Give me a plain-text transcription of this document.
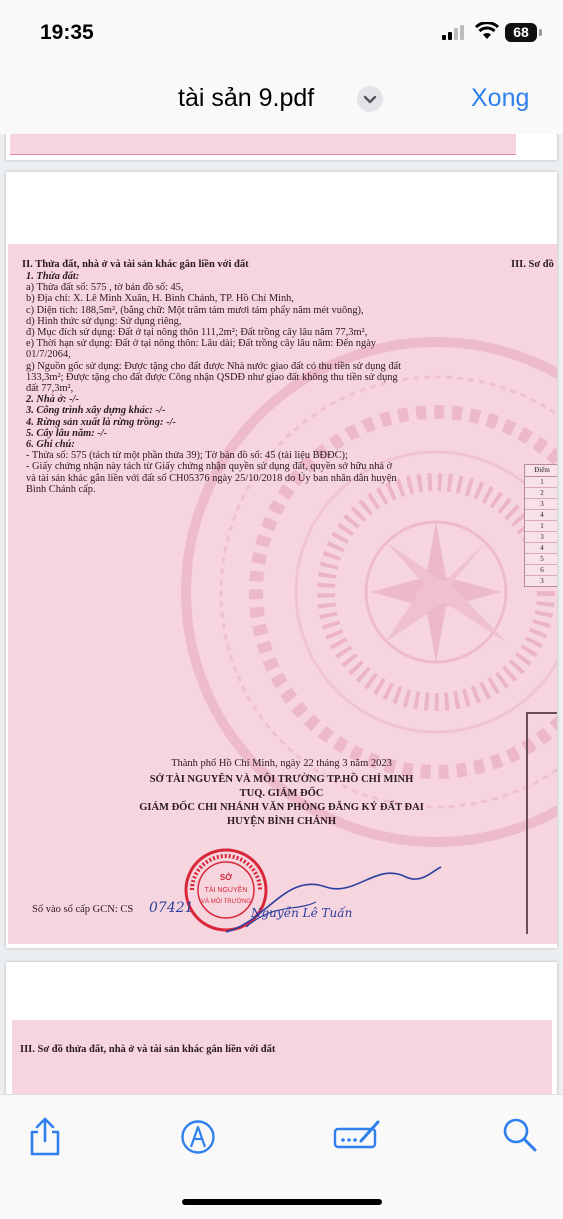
19:35	68
tài sản 9.pdf	Xong
II. Thửa đất, nhà ở và tài sản khác gắn liền với đất	III. Sơ đồ
1. Thửa đất:
a) Thửa đất số: 575 , tờ bản đồ số: 45,
b) Địa chỉ: X. Lê Minh Xuân, H. Bình Chánh, TP. Hồ Chí Minh,
c) Diện tích: 188,5m², (bằng chữ: Một trăm tám mươi tám phẩy năm mét vuông),
d) Hình thức sử dụng: Sử dụng riêng,
đ) Mục đích sử dụng: Đất ở tại nông thôn 111,2m²; Đất trồng cây lâu năm 77,3m²,
e) Thời hạn sử dụng: Đất ở tại nông thôn: Lâu dài; Đất trồng cây lâu năm: Đến ngày
01/7/2064,
g) Nguồn gốc sử dụng: Được tặng cho đất được Nhà nước giao đất có thu tiền sử dụng đất
133,3m²; Được tặng cho đất được Công nhận QSDĐ như giao đất không thu tiền sử dụng
đất 77,3m²,
2. Nhà ở: -/-
3. Công trình xây dựng khác: -/-
4. Rừng sản xuất là rừng trồng: -/-
5. Cây lâu năm: -/-
6. Ghi chú:
- Thửa số: 575 (tách từ một phần thửa 39); Tờ bản đồ số: 45 (tài liệu BĐĐC);
- Giấy chứng nhận này tách từ Giấy chứng nhận quyền sử dụng đất, quyền sở hữu nhà ở
và tài sản khác gắn liền với đất số CH05376 ngày 25/10/2018 do Ủy ban nhân dân huyện
Bình Chánh cấp.
Điểm
1
2
3
4
1
3
4
5
6
3
Thành phố Hồ Chí Minh, ngày 22 tháng 3 năm 2023
SỞ TÀI NGUYÊN VÀ MÔI TRƯỜNG TP.HỒ CHÍ MINH
TUQ. GIÁM ĐỐC
GIÁM ĐỐC CHI NHÁNH VĂN PHÒNG ĐĂNG KÝ ĐẤT ĐAI
HUYỆN BÌNH CHÁNH
SỞ
TÀI NGUYÊN
VÀ MÔI TRƯỜNG
Nguyễn Lê Tuấn
Số vào sổ cấp GCN: CS 07421
III. Sơ đồ thửa đất, nhà ở và tài sản khác gắn liền với đất
